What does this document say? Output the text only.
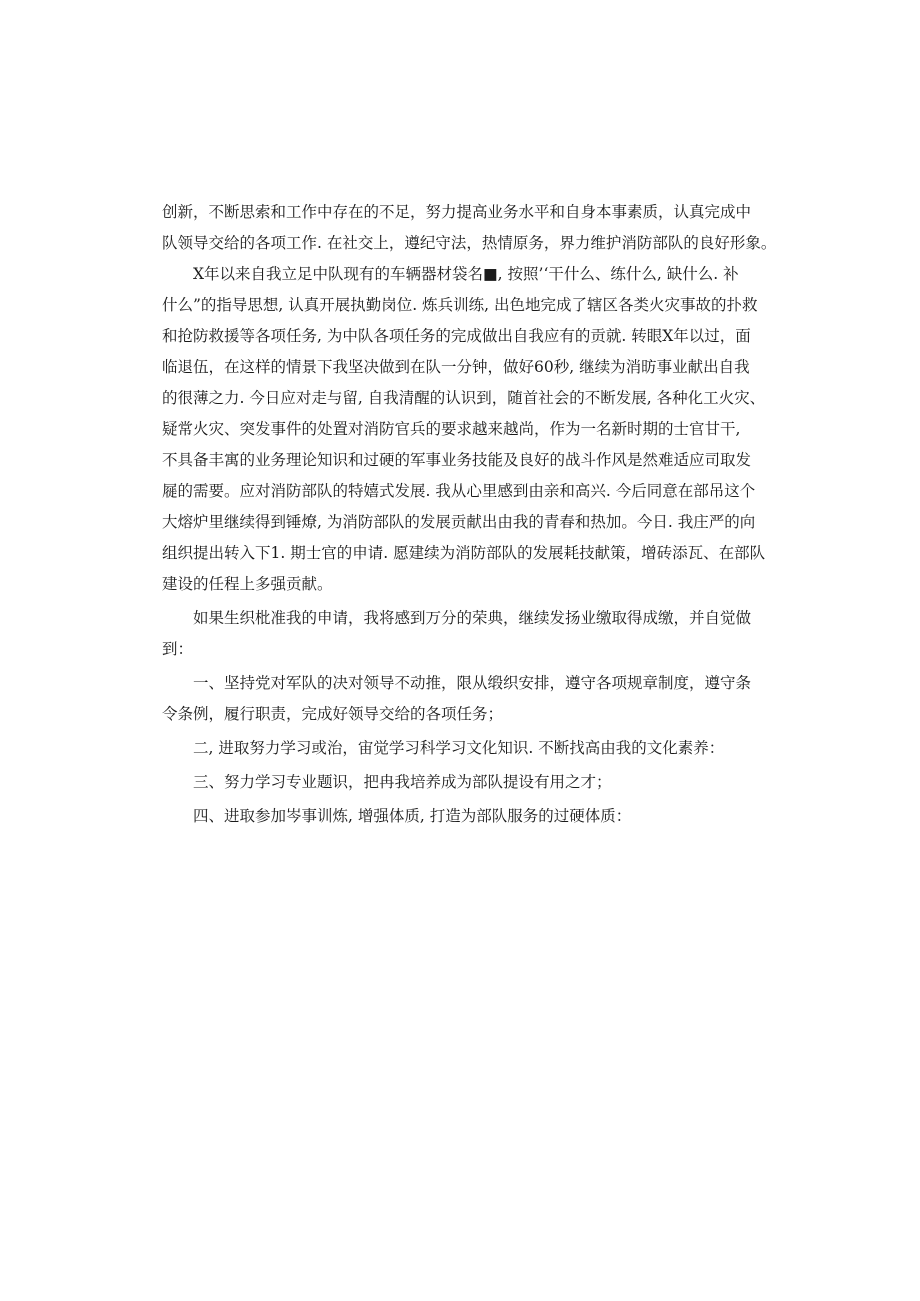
创新，不断思索和工作中存在的不足，努力提高业务水平和自身本事素质，认真完成中
队领导交给的各项工作. 在社交上，遵纪守法，热情原务，界力维护消防部队的良好形象。
X年以来自我立足中队现有的车辆器材袋名■, 按照’‘干什么、练什么, 缺什么. 补
什么”的指导思想, 认真开展执勤岗位. 炼兵训练, 出色地完成了辖区各类火灾事故的扑救
和抢防救援等各项任务, 为中队各项任务的完成做出自我应有的贡就. 转眼X年以过，面
临退伍，在这样的情景下我坚决做到在队一分钟，做好60秒, 继续为消昉事业献出自我
的很薄之力. 今日应对走与留, 自我清醒的认识到，随首社会的不断发展, 各种化工火灾、
疑常火灾、突发事件的处置对消防官兵的要求越来越尚，作为一名新时期的士官甘干,
不具备丰寓的业务理论知识和过硬的军事业务技能及良好的战斗作风是然难适应司取发
屣的需要。应对消防部队的特嬉式发展. 我从心里感到由亲和高兴. 今后同意在部吊这个
大熔炉里继续得到锤燎, 为消防部队的发展贡献出由我的青春和热加。今日. 我庄严的向
组织提出转入下1. 期士官的申请. 愿建续为消防部队的发展耗技献策，增砖添瓦、在部队
建设的任程上多强贡献。
如果生织枇准我的申请，我将感到万分的荣典，继续发扬业缴取得成缴，并自觉做
到：
一、坚持党对军队的决对领导不动推，限从缎织安排，遵守各项规章制度，遵守条
令条例，履行职责，完成好领导交给的各项任务；
二, 进取努力学习或治，宙觉学习科学习文化知识. 不断找高由我的文化素养：
三、努力学习专业题识，把冉我培养成为部队提设有用之才；
四、进取参加岑事训炼, 增强体质, 打造为部队服务的过硬体质：
